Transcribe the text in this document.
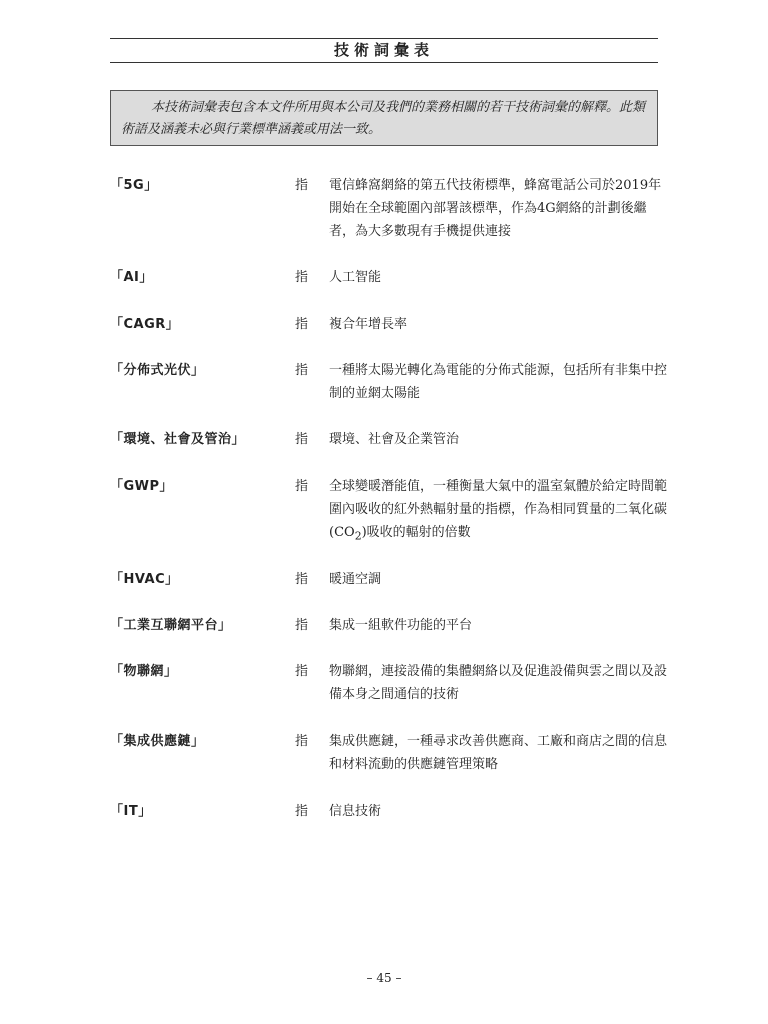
技術詞彙表
本技術詞彙表包含本文件所用與本公司及我們的業務相關的若干技術詞彙的解釋。此類術語及涵義未必與行業標準涵義或用法一致。
「5G」	指	電信蜂窩網絡的第五代技術標準，蜂窩電話公司於2019年開始在全球範圍內部署該標準，作為4G網絡的計劃後繼者，為大多數現有手機提供連接
「AI」	指	人工智能
「CAGR」	指	複合年增長率
「分佈式光伏」	指	一種將太陽光轉化為電能的分佈式能源，包括所有非集中控制的並網太陽能
「環境、社會及管治」	指	環境、社會及企業管治
「GWP」	指	全球變暖潛能值，一種衡量大氣中的溫室氣體於給定時間範圍內吸收的紅外熱輻射量的指標，作為相同質量的二氧化碳$(CO_2)$吸收的輻射的倍數
「HVAC」	指	暖通空調
「工業互聯網平台」	指	集成一組軟件功能的平台
「物聯網」	指	物聯網，連接設備的集體網絡以及促進設備與雲之間以及設備本身之間通信的技術
「集成供應鏈」	指	集成供應鏈，一種尋求改善供應商、工廠和商店之間的信息和材料流動的供應鏈管理策略
「IT」	指	信息技術
– 45 –
